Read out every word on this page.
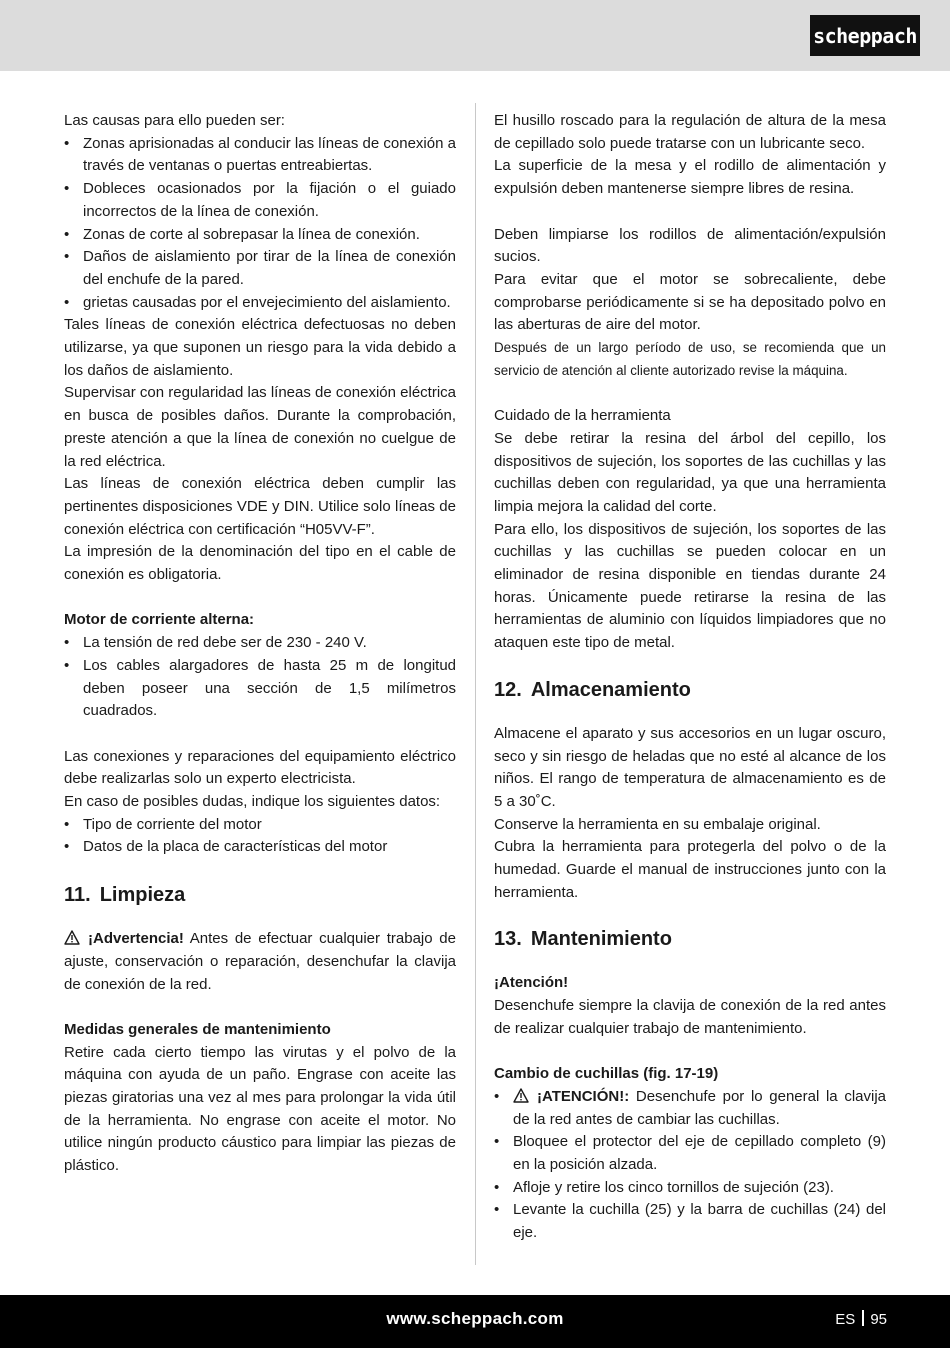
scheppach

Las causas para ello pueden ser:

• Zonas aprisionadas al conducir las líneas de conexión a través de ventanas o puertas entreabiertas.
• Dobleces ocasionados por la fijación o el guiado incorrectos de la línea de conexión.
• Zonas de corte al sobrepasar la línea de conexión.
• Daños de aislamiento por tirar de la línea de conexión del enchufe de la pared.
• grietas causadas por el envejecimiento del aislamiento.

Tales líneas de conexión eléctrica defectuosas no deben utilizarse, ya que suponen un riesgo para la vida debido a los daños de aislamiento.

Supervisar con regularidad las líneas de conexión eléctrica en busca de posibles daños. Durante la comprobación, preste atención a que la línea de conexión no cuelgue de la red eléctrica.

Las líneas de conexión eléctrica deben cumplir las pertinentes disposiciones VDE y DIN. Utilice solo líneas de conexión eléctrica con certificación “H05VV-F”.

La impresión de la denominación del tipo en el cable de conexión es obligatoria.

Motor de corriente alterna:

• La tensión de red debe ser de 230 - 240 V.
• Los cables alargadores de hasta 25 m de longitud deben poseer una sección de 1,5 milímetros cuadrados.

Las conexiones y reparaciones del equipamiento eléctrico debe realizarlas solo un experto electricista.

En caso de posibles dudas, indique los siguientes datos:

• Tipo de corriente del motor
• Datos de la placa de características del motor
11. Limpieza

¡Advertencia! Antes de efectuar cualquier trabajo de ajuste, conservación o reparación, desenchufar la clavija de conexión de la red.

Medidas generales de mantenimiento

Retire cada cierto tiempo las virutas y el polvo de la máquina con ayuda de un paño. Engrase con aceite las piezas giratorias una vez al mes para prolongar la vida útil de la herramienta. No engrase con aceite el motor. No utilice ningún producto cáustico para limpiar las piezas de plástico.

El husillo roscado para la regulación de altura de la mesa de cepillado solo puede tratarse con un lubricante seco.

La superficie de la mesa y el rodillo de alimentación y expulsión deben mantenerse siempre libres de resina.

Deben limpiarse los rodillos de alimentación/expulsión sucios.

Para evitar que el motor se sobrecaliente, debe comprobarse periódicamente si se ha depositado polvo en las aberturas de aire del motor.

Después de un largo período de uso, se recomienda que un servicio de atención al cliente autorizado revise la máquina.

Cuidado de la herramienta

Se debe retirar la resina del árbol del cepillo, los dispositivos de sujeción, los soportes de las cuchillas y las cuchillas deben con regularidad, ya que una herramienta limpia mejora la calidad del corte.

Para ello, los dispositivos de sujeción, los soportes de las cuchillas y las cuchillas se pueden colocar en un eliminador de resina disponible en tiendas durante 24 horas. Únicamente puede retirarse la resina de las herramientas de aluminio con líquidos limpiadores que no ataquen este tipo de metal.

12. Almacenamiento

Almacene el aparato y sus accesorios en un lugar oscuro, seco y sin riesgo de heladas que no esté al alcance de los niños. El rango de temperatura de almacenamiento es de 5 a 30˚C.

Conserve la herramienta en su embalaje original.

Cubra la herramienta para protegerla del polvo o de la humedad. Guarde el manual de instrucciones junto con la herramienta.

13. Mantenimiento

¡Atención!

Desenchufe siempre la clavija de conexión de la red antes de realizar cualquier trabajo de mantenimiento.

Cambio de cuchillas (fig. 17-19)

• ¡ATENCIÓN!: Desenchufe por lo general la clavija de la red antes de cambiar las cuchillas.
• Bloquee el protector del eje de cepillado completo (9) en la posición alzada.
• Afloje y retire los cinco tornillos de sujeción (23).
• Levante la cuchilla (25) y la barra de cuchillas (24) del eje.
www.scheppach.com	ES 95
